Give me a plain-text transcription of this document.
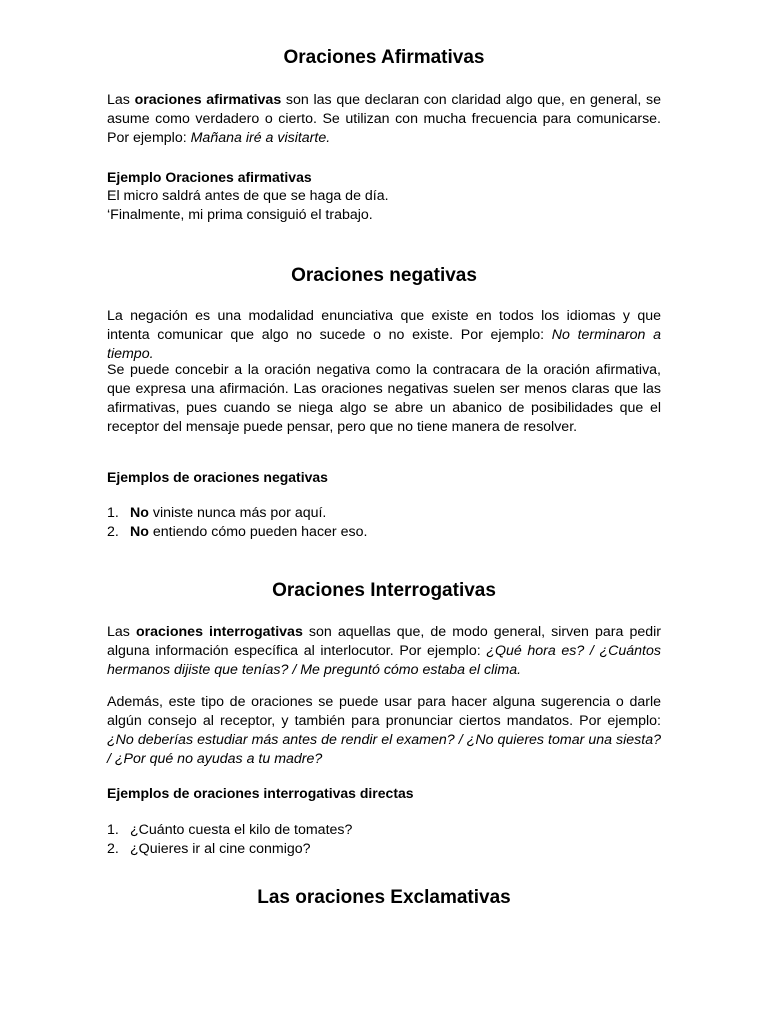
Oraciones Afirmativas

Las oraciones afirmativas son las que declaran con claridad algo que, en general, se asume como verdadero o cierto. Se utilizan con mucha frecuencia para comunicarse. Por ejemplo: Mañana iré a visitarte.

Ejemplo Oraciones afirmativas

El micro saldrá antes de que se haga de día.

‘Finalmente, mi prima consiguió el trabajo.

Oraciones negativas

La negación es una modalidad enunciativa que existe en todos los idiomas y que intenta comunicar que algo no sucede o no existe. Por ejemplo: No terminaron a tiempo.

Se puede concebir a la oración negativa como la contracara de la oración afirmativa, que expresa una afirmación. Las oraciones negativas suelen ser menos claras que las afirmativas, pues cuando se niega algo se abre un abanico de posibilidades que el receptor del mensaje puede pensar, pero que no tiene manera de resolver.

Ejemplos de oraciones negativas

1. No viniste nunca más por aquí.
2. No entiendo cómo pueden hacer eso.
Oraciones Interrogativas

Las oraciones interrogativas son aquellas que, de modo general, sirven para pedir alguna información específica al interlocutor. Por ejemplo: ¿Qué hora es? / ¿Cuántos hermanos dijiste que tenías? / Me preguntó cómo estaba el clima.

Además, este tipo de oraciones se puede usar para hacer alguna sugerencia o darle algún consejo al receptor, y también para pronunciar ciertos mandatos. Por ejemplo: ¿No deberías estudiar más antes de rendir el examen? / ¿No quieres tomar una siesta? / ¿Por qué no ayudas a tu madre?

Ejemplos de oraciones interrogativas directas

1. ¿Cuánto cuesta el kilo de tomates?
2. ¿Quieres ir al cine conmigo?
Las oraciones Exclamativas
